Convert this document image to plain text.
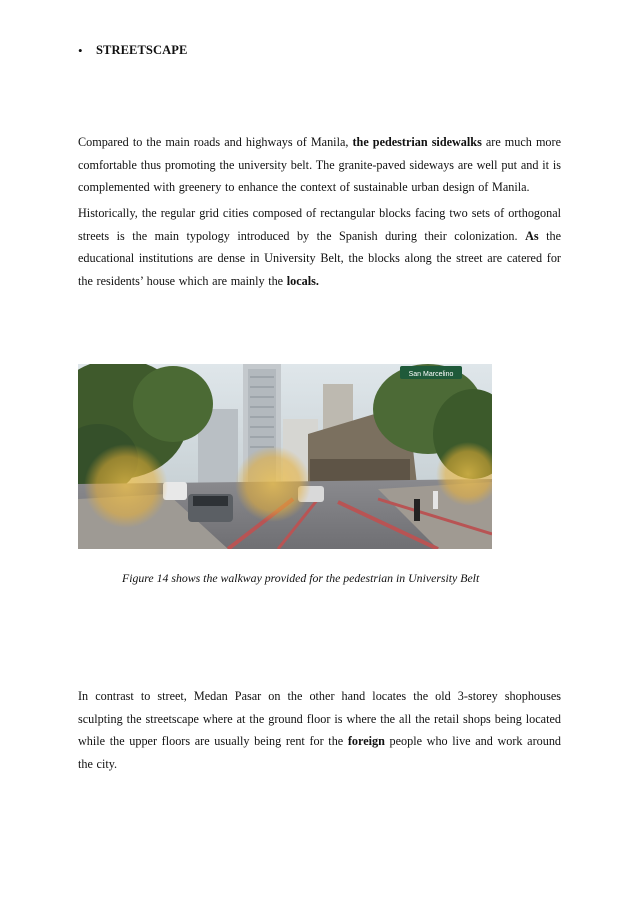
• STREETSCAPE

Compared to the main roads and highways of Manila, the pedestrian sidewalks are much more comfortable thus promoting the university belt. The granite-paved sideways are well put and it is complemented with greenery to enhance the context of sustainable urban design of Manila.

Historically, the regular grid cities composed of rectangular blocks facing two sets of orthogonal streets is the main typology introduced by the Spanish during their colonization. As the educational institutions are dense in University Belt, the blocks along the street are catered for the residents’ house which are mainly the locals.

San Marcelino

Figure 14 shows the walkway provided for the pedestrian in University Belt

In contrast to street, Medan Pasar on the other hand locates the old 3-storey shophouses sculpting the streetscape where at the ground floor is where the all the retail shops being located while the upper floors are usually being rent for the foreign people who live and work around the city.
